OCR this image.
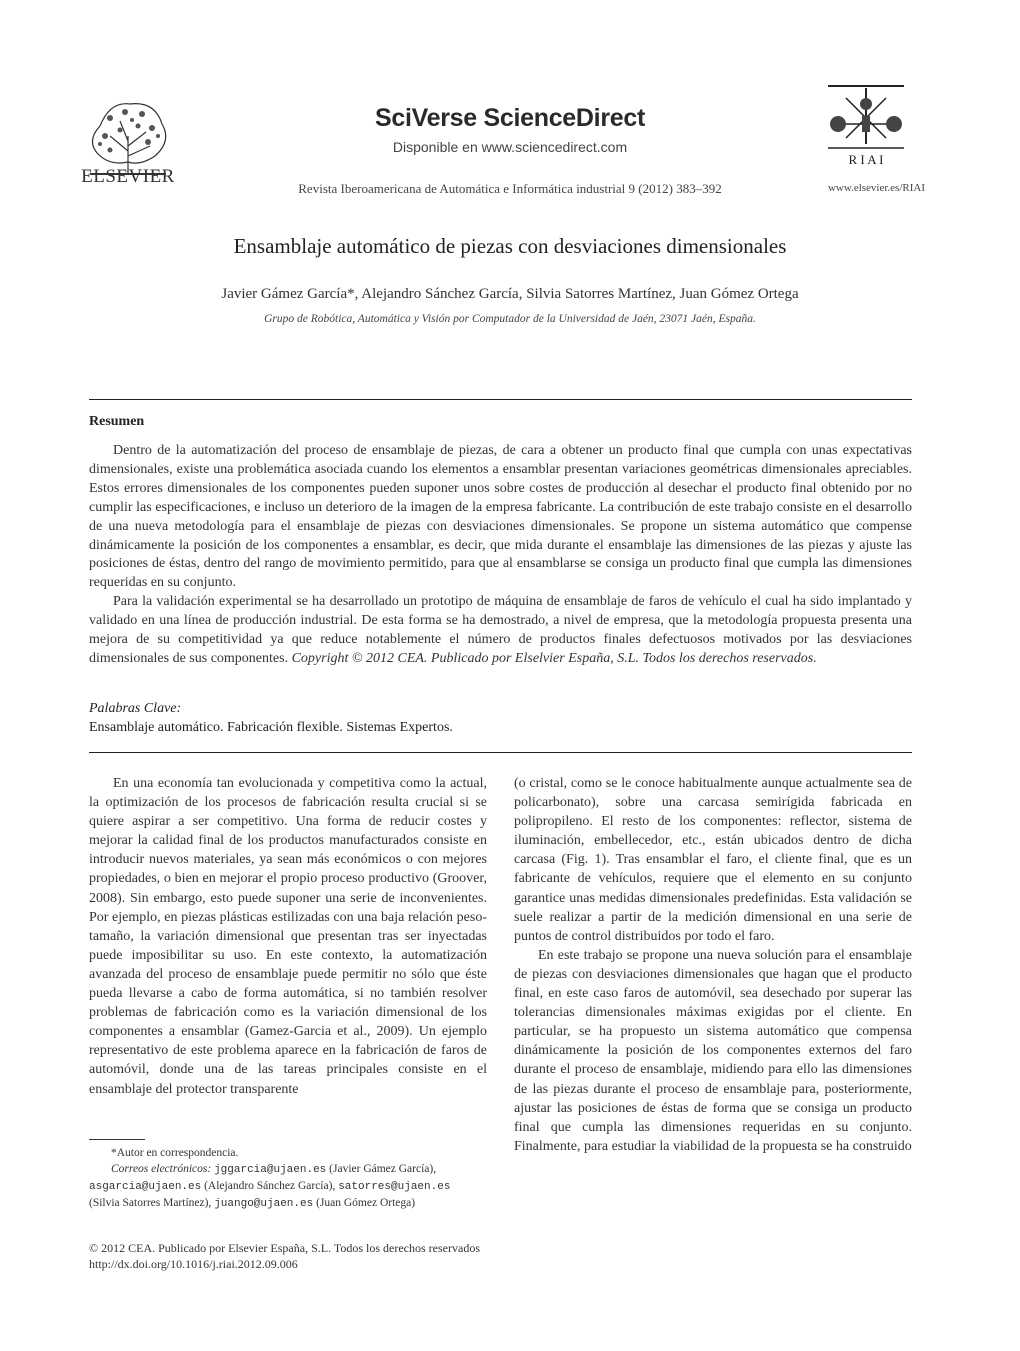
ELSEVIER
SciVerse ScienceDirect
Disponible en www.sciencedirect.com
Revista Iberoamericana de Automática e Informática industrial 9 (2012) 383–392
R I A I
www.elsevier.es/RIAI
Ensamblaje automático de piezas con desviaciones dimensionales
Javier Gámez García*, Alejandro Sánchez García, Silvia Satorres Martínez, Juan Gómez Ortega
Grupo de Robótica, Automática y Visión por Computador de la Universidad de Jaén, 23071 Jaén, España.
Resumen

Dentro de la automatización del proceso de ensamblaje de piezas, de cara a obtener un producto final que cumpla con unas expectativas dimensionales, existe una problemática asociada cuando los elementos a ensamblar presentan variaciones geométricas dimensionales apreciables. Estos errores dimensionales de los componentes pueden suponer unos sobre costes de producción al desechar el producto final obtenido por no cumplir las especificaciones, e incluso un deterioro de la imagen de la empresa fabricante. La contribución de este trabajo consiste en el desarrollo de una nueva metodología para el ensamblaje de piezas con desviaciones dimensionales. Se propone un sistema automático que compense dinámicamente la posición de los componentes a ensamblar, es decir, que mida durante el ensamblaje las dimensiones de las piezas y ajuste las posiciones de éstas, dentro del rango de movimiento permitido, para que al ensamblarse se consiga un producto final que cumpla las dimensiones requeridas en su conjunto.

Para la validación experimental se ha desarrollado un prototipo de máquina de ensamblaje de faros de vehículo el cual ha sido implantado y validado en una línea de producción industrial. De esta forma se ha demostrado, a nivel de empresa, que la metodología propuesta presenta una mejora de su competitividad ya que reduce notablemente el número de productos finales defectuosos motivados por las desviaciones dimensionales de sus componentes. Copyright © 2012 CEA. Publicado por Elselvier España, S.L. Todos los derechos reservados.

Palabras Clave:
Ensamblaje automático. Fabricación flexible. Sistemas Expertos.

En una economía tan evolucionada y competitiva como la actual, la optimización de los procesos de fabricación resulta crucial si se quiere aspirar a ser competitivo. Una forma de reducir costes y mejorar la calidad final de los productos manufacturados consiste en introducir nuevos materiales, ya sean más económicos o con mejores propiedades, o bien en mejorar el propio proceso productivo (Groover, 2008). Sin embargo, esto puede suponer una serie de inconvenientes. Por ejemplo, en piezas plásticas estilizadas con una baja relación peso-tamaño, la variación dimensional que presentan tras ser inyectadas puede imposibilitar su uso. En este contexto, la automatización avanzada del proceso de ensamblaje puede permitir no sólo que éste pueda llevarse a cabo de forma automática, si no también resolver problemas de fabricación como es la variación dimensional de los componentes a ensamblar (Gamez-Garcia et al., 2009). Un ejemplo representativo de este problema aparece en la fabricación de faros de automóvil, donde una de las tareas principales consiste en el ensamblaje del protector transparente

(o cristal, como se le conoce habitualmente aunque actualmente sea de policarbonato), sobre una carcasa semirígida fabricada en polipropileno. El resto de los componentes: reflector, sistema de iluminación, embellecedor, etc., están ubicados dentro de dicha carcasa (Fig. 1). Tras ensamblar el faro, el cliente final, que es un fabricante de vehículos, requiere que el elemento en su conjunto garantice unas medidas dimensionales predefinidas. Esta validación se suele realizar a partir de la medición dimensional en una serie de puntos de control distribuidos por todo el faro.

En este trabajo se propone una nueva solución para el ensamblaje de piezas con desviaciones dimensionales que hagan que el producto final, en este caso faros de automóvil, sea desechado por superar las tolerancias dimensionales máximas exigidas por el cliente. En particular, se ha propuesto un sistema automático que compensa dinámicamente la posición de los componentes externos del faro durante el proceso de ensamblaje, midiendo para ello las dimensiones de las piezas durante el proceso de ensamblaje para, posteriormente, ajustar las posiciones de éstas de forma que se consiga un producto final que cumpla las dimensiones requeridas en su conjunto. Finalmente, para estudiar la viabilidad de la propuesta se ha construido

*Autor en correspondencia.
Correos electrónicos: jggarcia@ujaen.es (Javier Gámez García),
asgarcia@ujaen.es (Alejandro Sánchez García), satorres@ujaen.es
(Silvia Satorres Martínez), juango@ujaen.es (Juan Gómez Ortega)
© 2012 CEA. Publicado por Elsevier España, S.L. Todos los derechos reservados
http://dx.doi.org/10.1016/j.riai.2012.09.006
